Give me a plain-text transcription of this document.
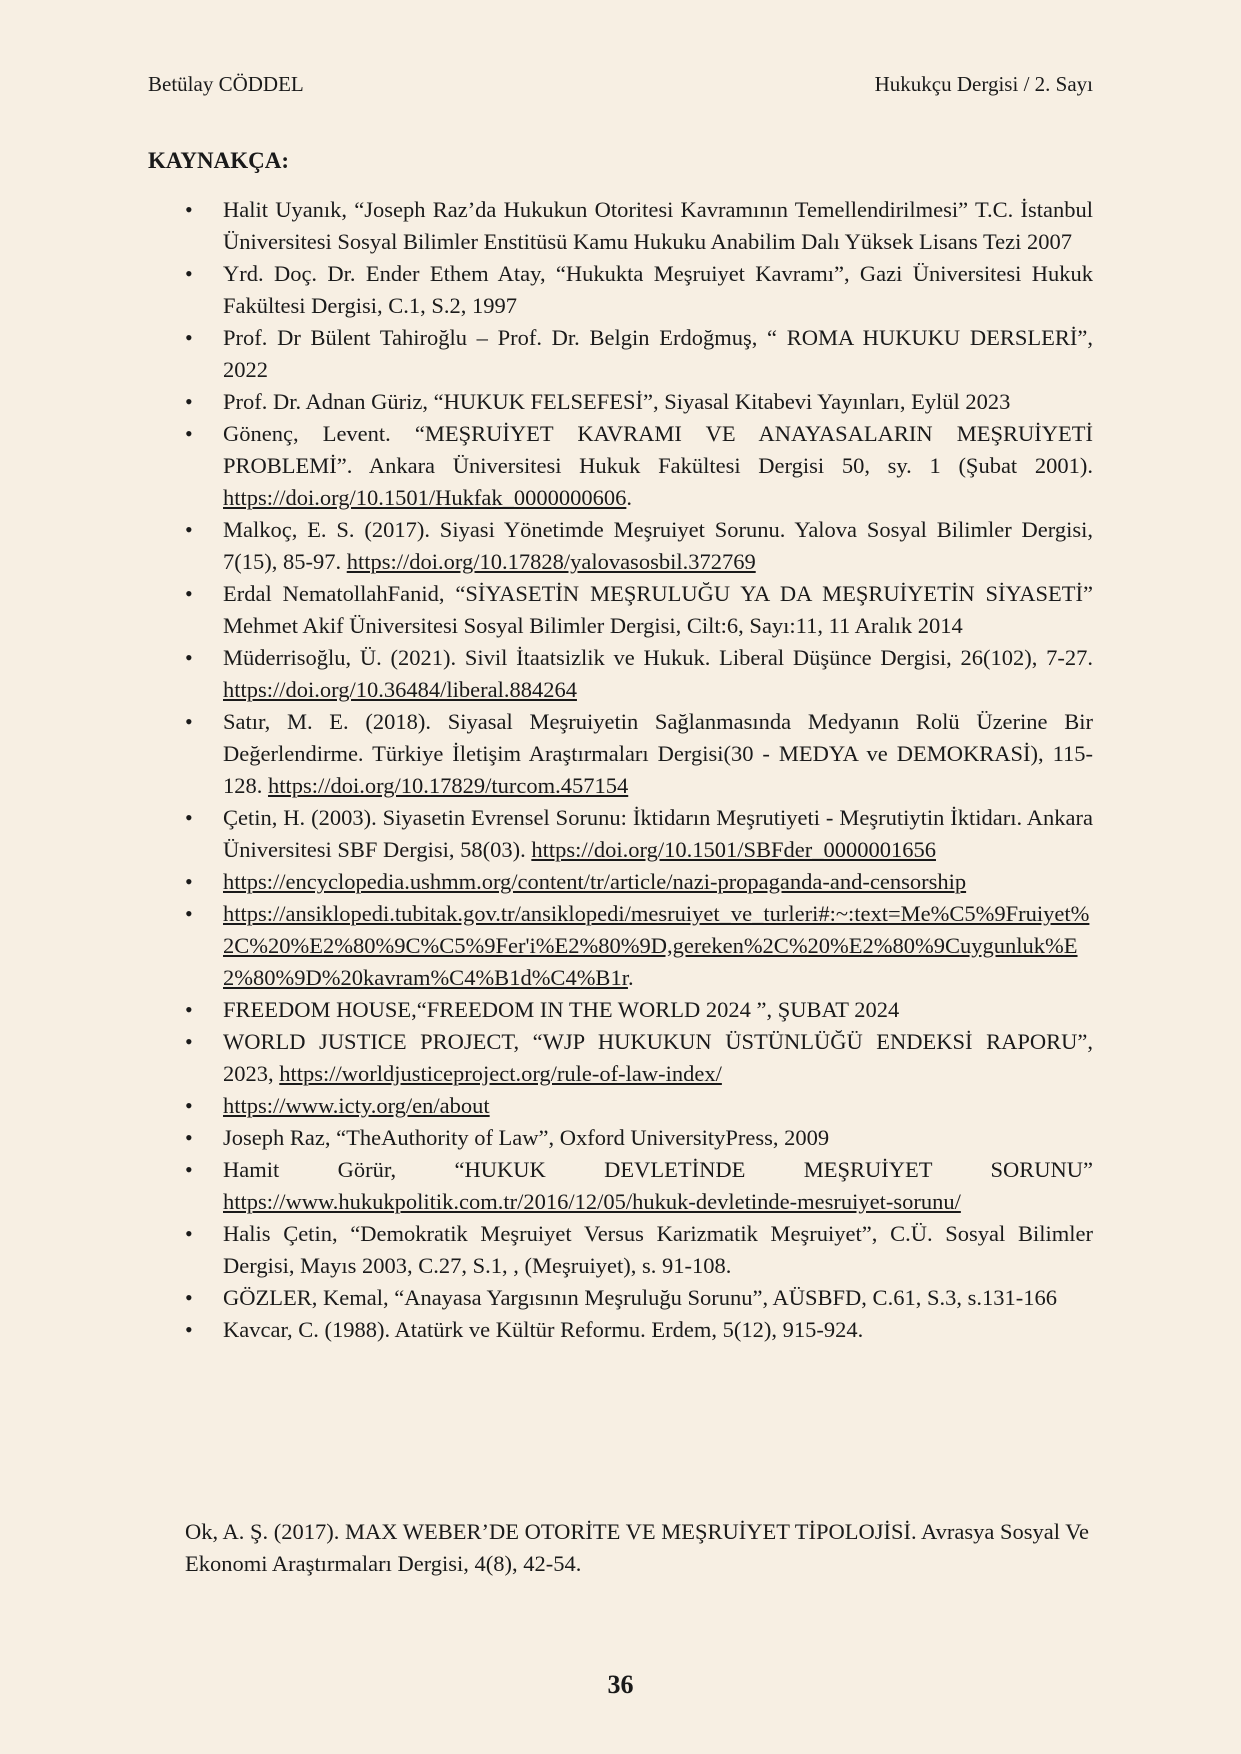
Betülay CÖDDEL	Hukukçu Dergisi / 2. Sayı
KAYNAKÇA:
• Halit Uyanık, “Joseph Raz’da Hukukun Otoritesi Kavramının Temellendirilmesi” T.C. İstanbul Üniversitesi Sosyal Bilimler Enstitüsü Kamu Hukuku Anabilim Dalı Yüksek Lisans Tezi 2007
• Yrd. Doç. Dr. Ender Ethem Atay, “Hukukta Meşruiyet Kavramı”, Gazi Üniversitesi Hukuk Fakültesi Dergisi, C.1, S.2, 1997
• Prof. Dr Bülent Tahiroğlu – Prof. Dr. Belgin Erdoğmuş, “ ROMA HUKUKU DERSLERİ”, 2022
• Prof. Dr. Adnan Güriz, “HUKUK FELSEFESİ”, Siyasal Kitabevi Yayınları, Eylül 2023
• Gönenç, Levent. “MEŞRUİYET KAVRAMI VE ANAYASALARIN MEŞRUİYETİ PROBLEMİ”. Ankara Üniversitesi Hukuk Fakültesi Dergisi 50, sy. 1 (Şubat 2001). https://doi.org/10.1501/Hukfak_0000000606.
• Malkoç, E. S. (2017). Siyasi Yönetimde Meşruiyet Sorunu. Yalova Sosyal Bilimler Dergisi, 7(15), 85-97. https://doi.org/10.17828/yalovasosbil.372769
• Erdal NematollahFanid, “SİYASETİN MEŞRULUĞU YA DA MEŞRUİYETİN SİYASETİ” Mehmet Akif Üniversitesi Sosyal Bilimler Dergisi, Cilt:6, Sayı:11, 11 Aralık 2014
• Müderrisoğlu, Ü. (2021). Sivil İtaatsizlik ve Hukuk. Liberal Düşünce Dergisi, 26(102), 7-27. https://doi.org/10.36484/liberal.884264
• Satır, M. E. (2018). Siyasal Meşruiyetin Sağlanmasında Medyanın Rolü Üzerine Bir Değerlendirme. Türkiye İletişim Araştırmaları Dergisi(30 - MEDYA ve DEMOKRASİ), 115-128. https://doi.org/10.17829/turcom.457154
• Çetin, H. (2003). Siyasetin Evrensel Sorunu: İktidarın Meşrutiyeti - Meşrutiytin İktidarı. Ankara Üniversitesi SBF Dergisi, 58(03). https://doi.org/10.1501/SBFder_0000001656
• https://encyclopedia.ushmm.org/content/tr/article/nazi-propaganda-and-censorship
• https://ansiklopedi.tubitak.gov.tr/ansiklopedi/mesruiyet_ve_turleri#:~:text=Me%C5%9Fruiyet%2C%20%E2%80%9C%C5%9Fer'i%E2%80%9D,gereken%2C%20%E2%80%9Cuygunluk%E2%80%9D%20kavram%C4%B1d%C4%B1r.
• FREEDOM HOUSE,“FREEDOM IN THE WORLD 2024 ”, ŞUBAT 2024
• WORLD JUSTICE PROJECT, “WJP HUKUKUN ÜSTÜNLÜĞÜ ENDEKSİ RAPORU”, 2023, https://worldjusticeproject.org/rule-of-law-index/
• https://www.icty.org/en/about
• Joseph Raz, “TheAuthority of Law”, Oxford UniversityPress, 2009
• Hamit Görür, “HUKUK DEVLETİNDE MEŞRUİYET SORUNU” https://www.hukukpolitik.com.tr/2016/12/05/hukuk-devletinde-mesruiyet-sorunu/
• Halis Çetin, “Demokratik Meşruiyet Versus Karizmatik Meşruiyet”, C.Ü. Sosyal Bilimler Dergisi, Mayıs 2003, C.27, S.1, , (Meşruiyet), s. 91-108.
• GÖZLER, Kemal, “Anayasa Yargısının Meşruluğu Sorunu”, AÜSBFD, C.61, S.3, s.131-166
• Kavcar, C. (1988). Atatürk ve Kültür Reformu. Erdem, 5(12), 915-924.
Ok, A. Ş. (2017). MAX WEBER’DE OTORİTE VE MEŞRUİYET TİPOLOJİSİ. Avrasya Sosyal Ve Ekonomi Araştırmaları Dergisi, 4(8), 42-54.
36
